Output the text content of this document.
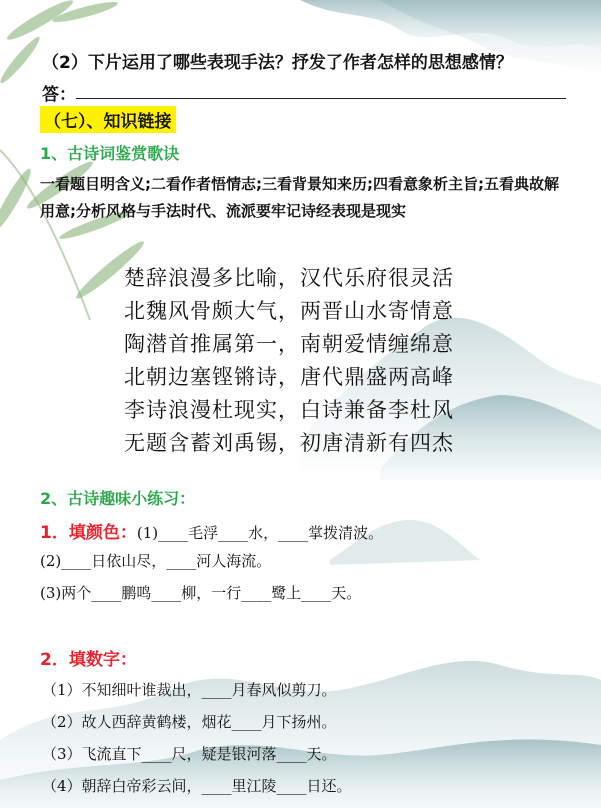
（2）下片运用了哪些表现手法？抒发了作者怎样的思想感情？
答：
（七）、知识链接
1、古诗词鉴赏歌诀
一看题目明含义;二看作者悟情志;三看背景知来历;四看意象析主旨;五看典故解用意;分析风格与手法时代、流派要牢记诗经表现是现实
楚辞浪漫多比喻，汉代乐府很灵活
北魏风骨颇大气，两晋山水寄情意
陶潜首推属第一，南朝爱情缠绵意
北朝边塞铿锵诗，唐代鼎盛两高峰
李诗浪漫杜现实，白诗兼备李杜风
无题含蓄刘禹锡，初唐清新有四杰
2、古诗趣味小练习：
1．填颜色：(1)____毛浮____水，____掌拨清波。
(2)____日依山尽，____河人海流。
(3)两个____鹏鸣____柳，一行____鹭上____天。
2．填数字：
（1）不知细叶谁裁出，____月春风似剪刀。
（2）故人西辞黄鹤楼，烟花____月下扬州。
（3）飞流直下____尺，疑是银河落____天。
（4）朝辞白帝彩云间，____里江陵____日还。
